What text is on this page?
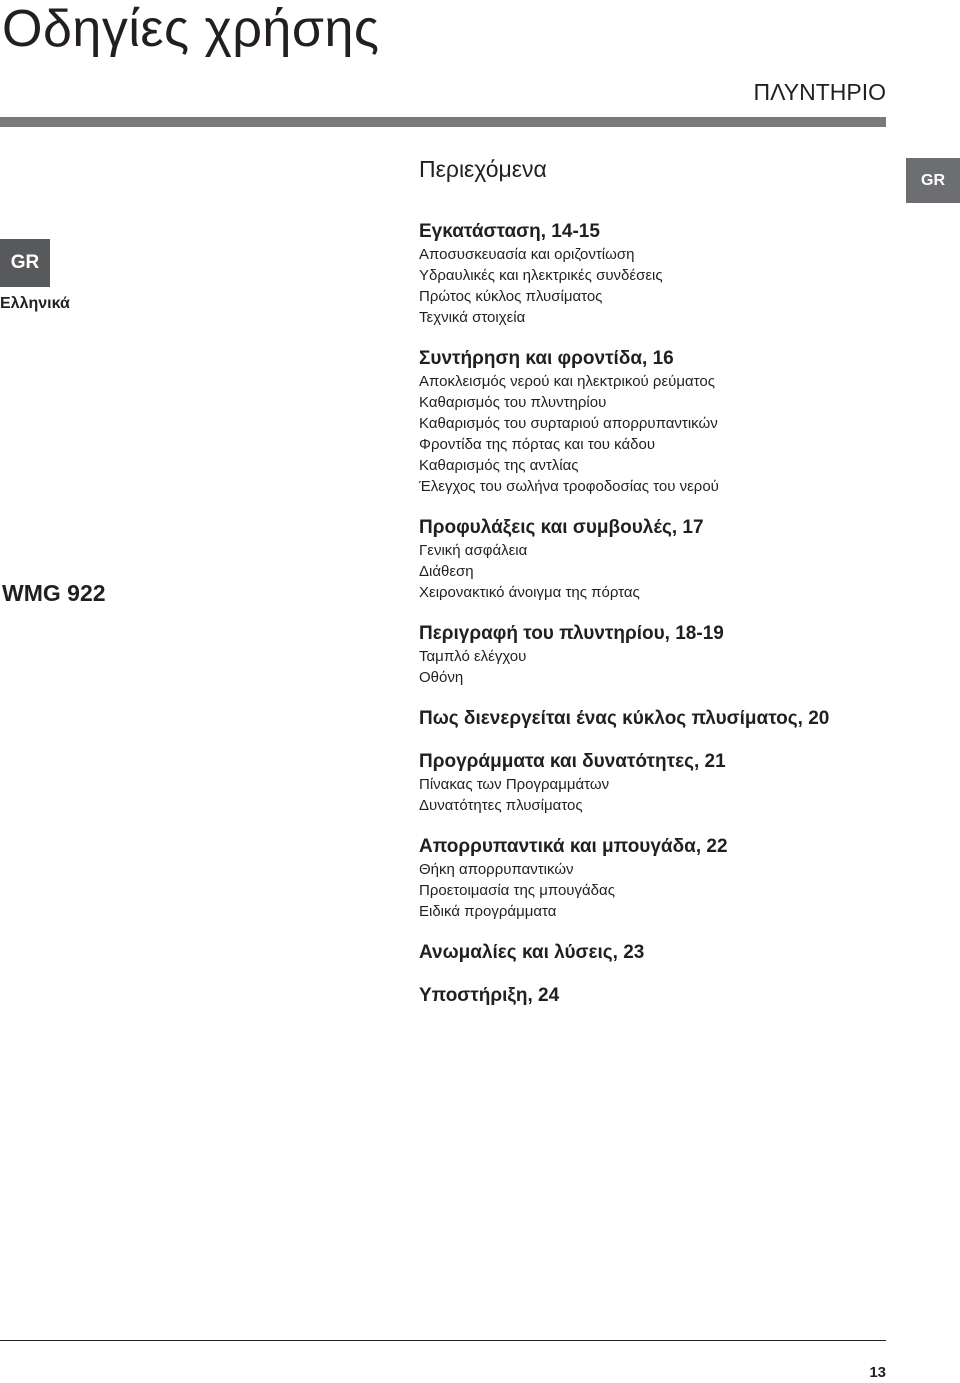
Οδηγίες χρήσης
ΠΛΥΝΤΗΡΙΟ
Περιεχόμενα	GR
GR
Ελληνικά
WMG 922
Εγκατάσταση, 14-15
Αποσυσκευασία και οριζοντίωση
Υδραυλικές και ηλεκτρικές συνδέσεις
Πρώτος κύκλος πλυσίματος
Τεχνικά στοιχεία
Συντήρηση και φροντίδα, 16
Αποκλεισμός νερού και ηλεκτρικού ρεύματος
Καθαρισμός του πλυντηρίου
Καθαρισμός του συρταριού απορρυπαντικών
Φροντίδα της πόρτας και του κάδου
Καθαρισμός της αντλίας
Έλεγχος του σωλήνα τροφοδοσίας του νερού
Προφυλάξεις και συμβουλές, 17
Γενική ασφάλεια
Διάθεση
Χειρονακτικό άνοιγμα της πόρτας
Περιγραφή του πλυντηρίου, 18-19
Ταμπλό ελέγχου
Οθόνη
Πως διενεργείται ένας κύκλος πλυσίματος, 20
Προγράμματα και δυνατότητες, 21
Πίνακας των Προγραμμάτων
Δυνατότητες πλυσίματος
Απορρυπαντικά και μπουγάδα, 22
Θήκη απορρυπαντικών
Προετοιμασία της μπουγάδας
Ειδικά προγράμματα
Ανωμαλίες και λύσεις, 23
Υποστήριξη, 24
13
